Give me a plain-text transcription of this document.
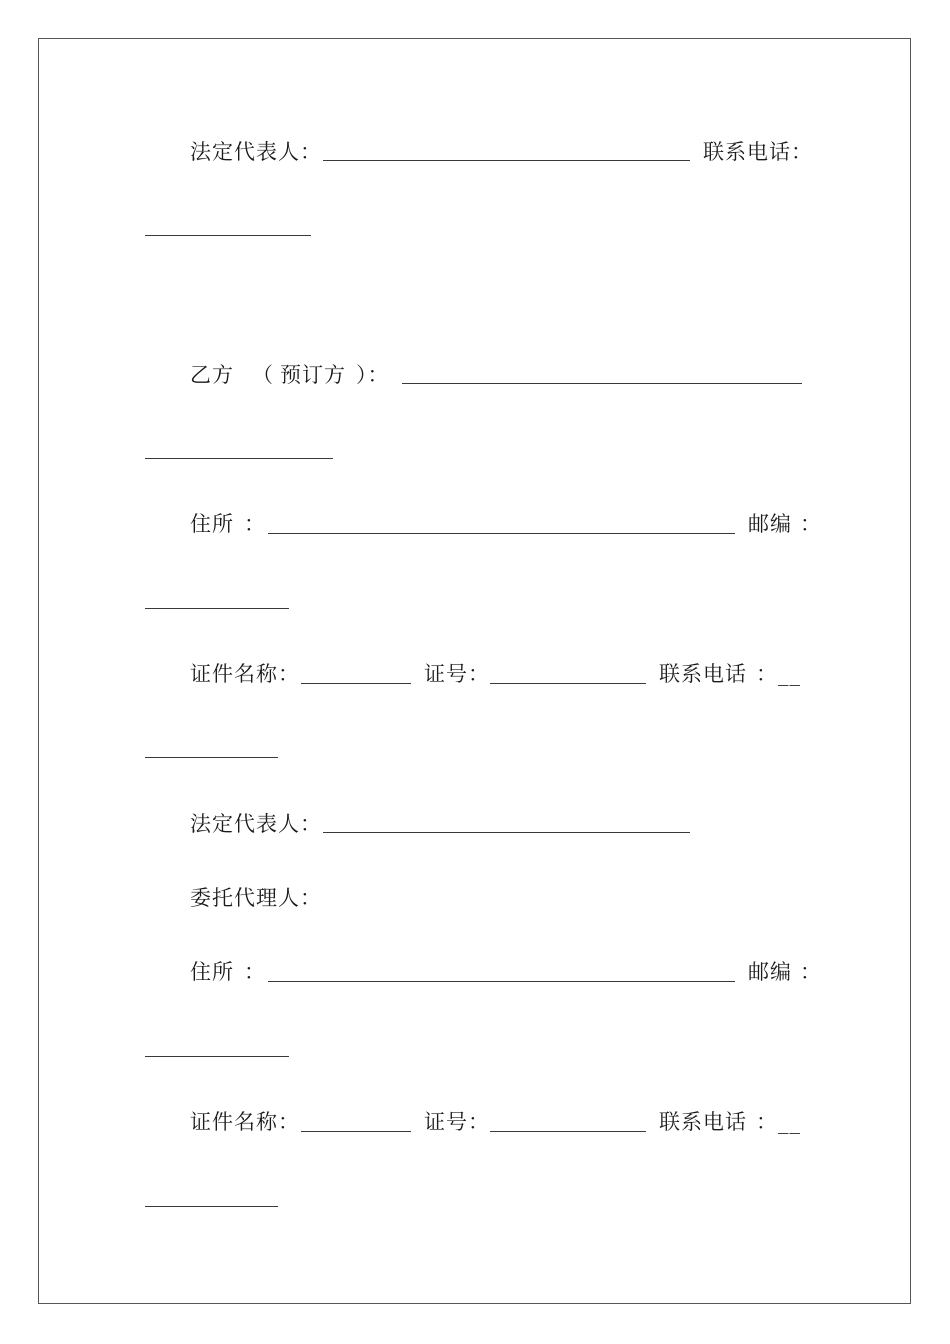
法定代表人：	联系电话：
乙方 （ 预订方 ）：
住所 ：	邮编 ：
证件名称：	证号：	联系电话 ：__
法定代表人：
委托代理人：
住所 ：	邮编 ：
证件名称：	证号：	联系电话 ：__
